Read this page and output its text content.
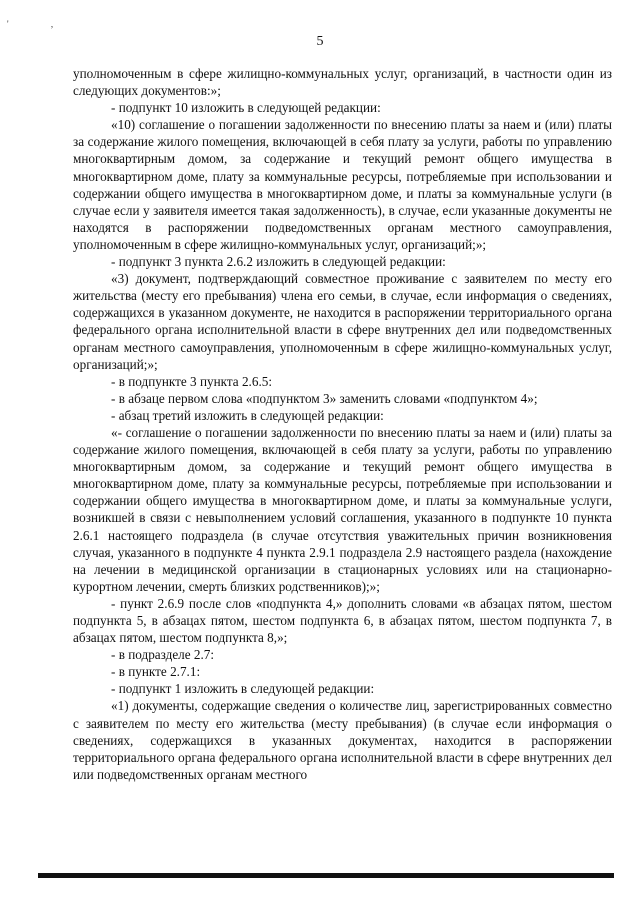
' ,
5

уполномоченным в сфере жилищно-коммунальных услуг, организаций, в частности один из следующих документов:»;

- подпункт 10 изложить в следующей редакции:

«10) соглашение о погашении задолженности по внесению платы за наем и (или) платы за содержание жилого помещения, включающей в себя плату за услуги, работы по управлению многоквартирным домом, за содержание и текущий ремонт общего имущества в многоквартирном доме, плату за коммунальные ресурсы, потребляемые при использовании и содержании общего имущества в многоквартирном доме, и платы за коммунальные услуги (в случае если у заявителя имеется такая задолженность), в случае, если указанные документы не находятся в распоряжении подведомственных органам местного самоуправления, уполномоченным в сфере жилищно-коммунальных услуг, организаций;»;

- подпункт 3 пункта 2.6.2 изложить в следующей редакции:

«3) документ, подтверждающий совместное проживание с заявителем по месту его жительства (месту его пребывания) члена его семьи, в случае, если информация о сведениях, содержащихся в указанном документе, не находится в распоряжении территориального органа федерального органа исполнительной власти в сфере внутренних дел или подведомственных органам местного самоуправления, уполномоченным в сфере жилищно-коммунальных услуг, организаций;»;

- в подпункте 3 пункта 2.6.5:

- в абзаце первом слова «подпунктом 3» заменить словами «подпунктом 4»;

- абзац третий изложить в следующей редакции:

«- соглашение о погашении задолженности по внесению платы за наем и (или) платы за содержание жилого помещения, включающей в себя плату за услуги, работы по управлению многоквартирным домом, за содержание и текущий ремонт общего имущества в многоквартирном доме, плату за коммунальные ресурсы, потребляемые при использовании и содержании общего имущества в многоквартирном доме, и платы за коммунальные услуги, возникшей в связи с невыполнением условий соглашения, указанного в подпункте 10 пункта 2.6.1 настоящего подраздела (в случае отсутствия уважительных причин возникновения случая, указанного в подпункте 4 пункта 2.9.1 подраздела 2.9 настоящего раздела (нахождение на лечении в медицинской организации в стационарных условиях или на стационарно-курортном лечении, смерть близких родственников);»;

- пункт 2.6.9 после слов «подпункта 4,» дополнить словами «в абзацах пятом, шестом подпункта 5, в абзацах пятом, шестом подпункта 6, в абзацах пятом, шестом подпункта 7, в абзацах пятом, шестом подпункта 8,»;

- в подразделе 2.7:

- в пункте 2.7.1:

- подпункт 1 изложить в следующей редакции:

«1) документы, содержащие сведения о количестве лиц, зарегистрированных совместно с заявителем по месту его жительства (месту пребывания) (в случае если информация о сведениях, содержащихся в указанных документах, находится в распоряжении территориального органа федерального органа исполнительной власти в сфере внутренних дел или подведомственных органам местного
